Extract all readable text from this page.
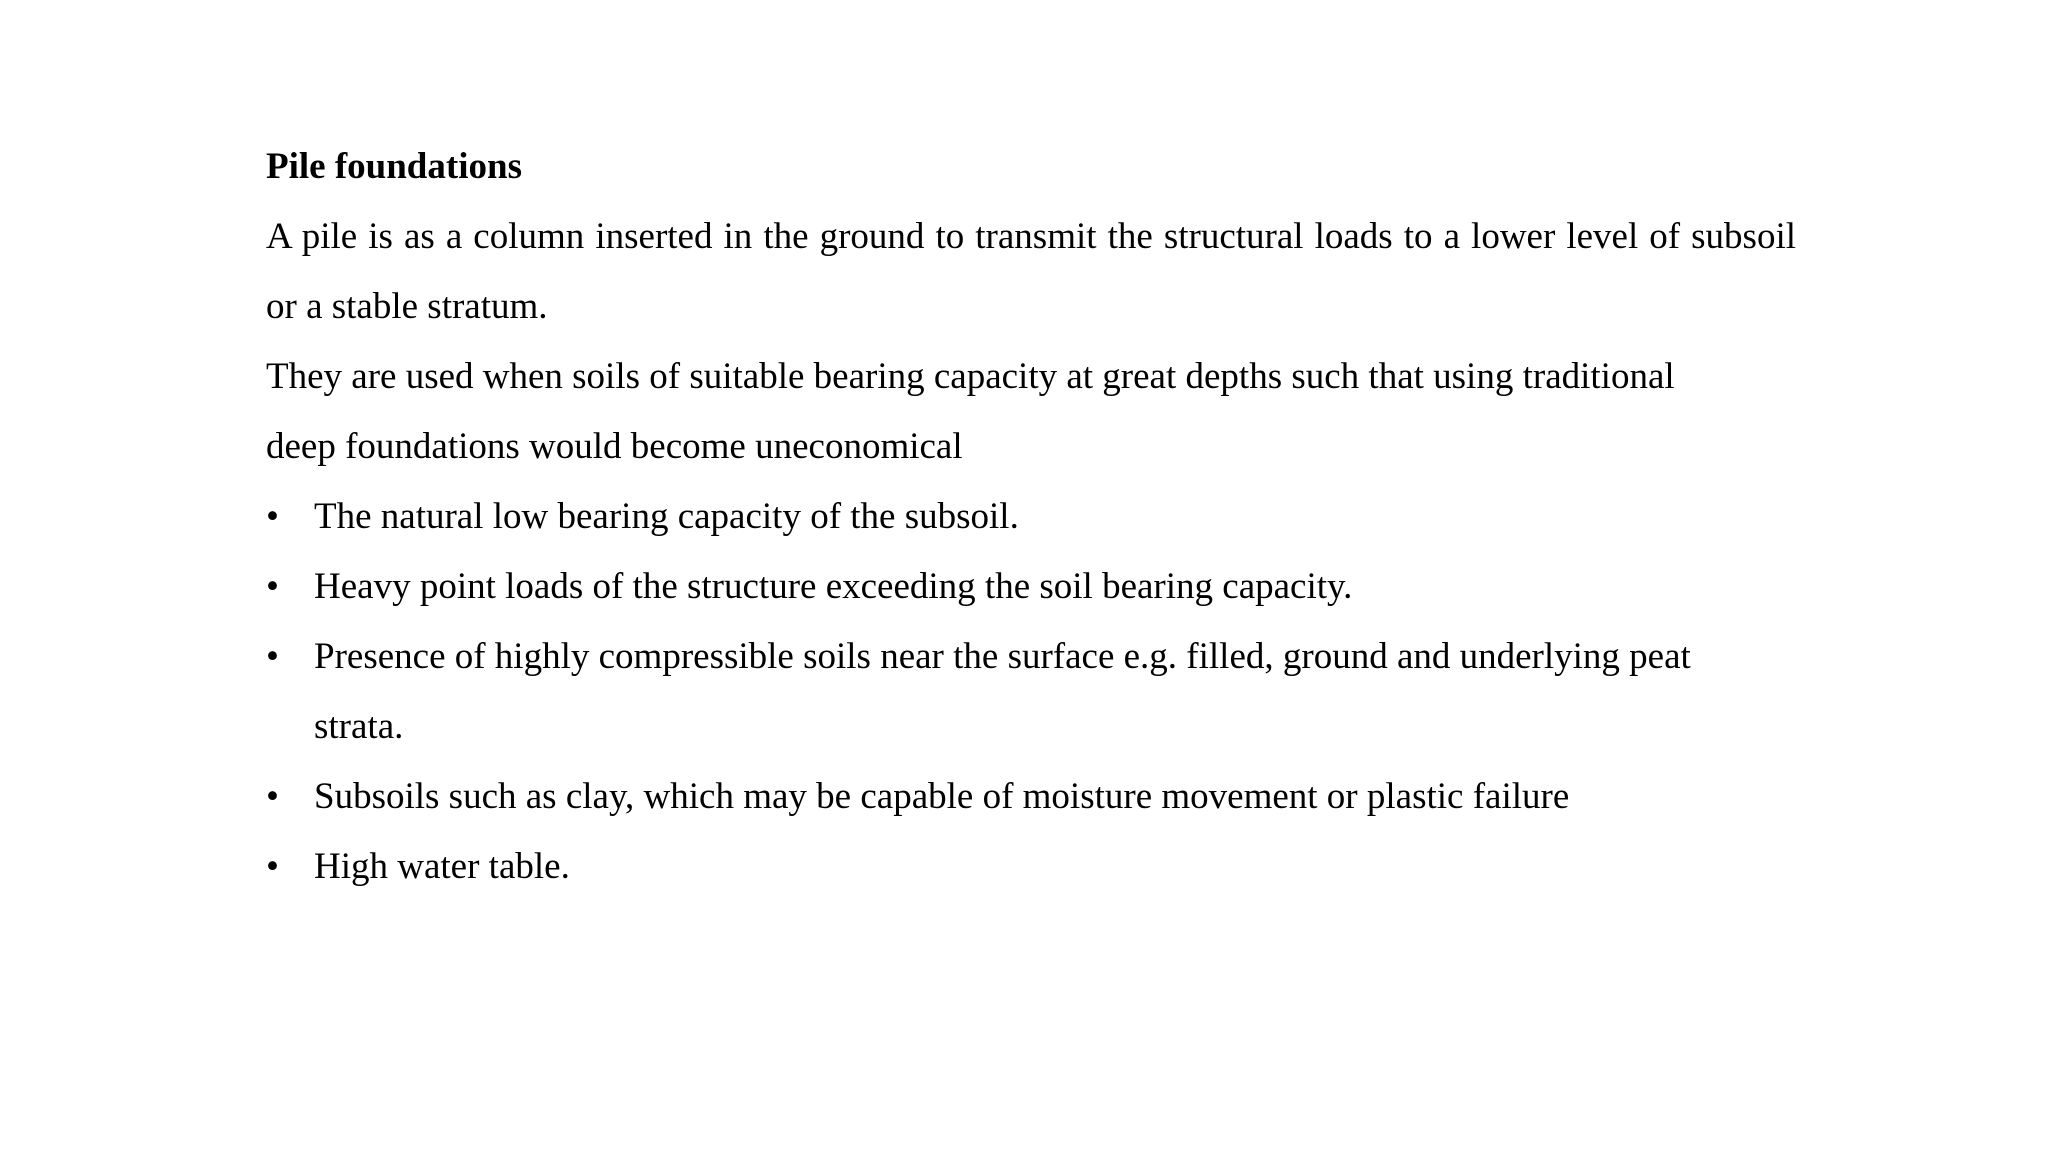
Pile foundations

A pile is as a column inserted in the ground to transmit the structural loads to a lower level of subsoil or a stable stratum.

They are used when soils of suitable bearing capacity at great depths such that using traditional deep foundations would become uneconomical

• The natural low bearing capacity of the subsoil.
• Heavy point loads of the structure exceeding the soil bearing capacity.
• Presence of highly compressible soils near the surface e.g. filled, ground and underlying peat strata.
• Subsoils such as clay, which may be capable of moisture movement or plastic failure
• High water table.
